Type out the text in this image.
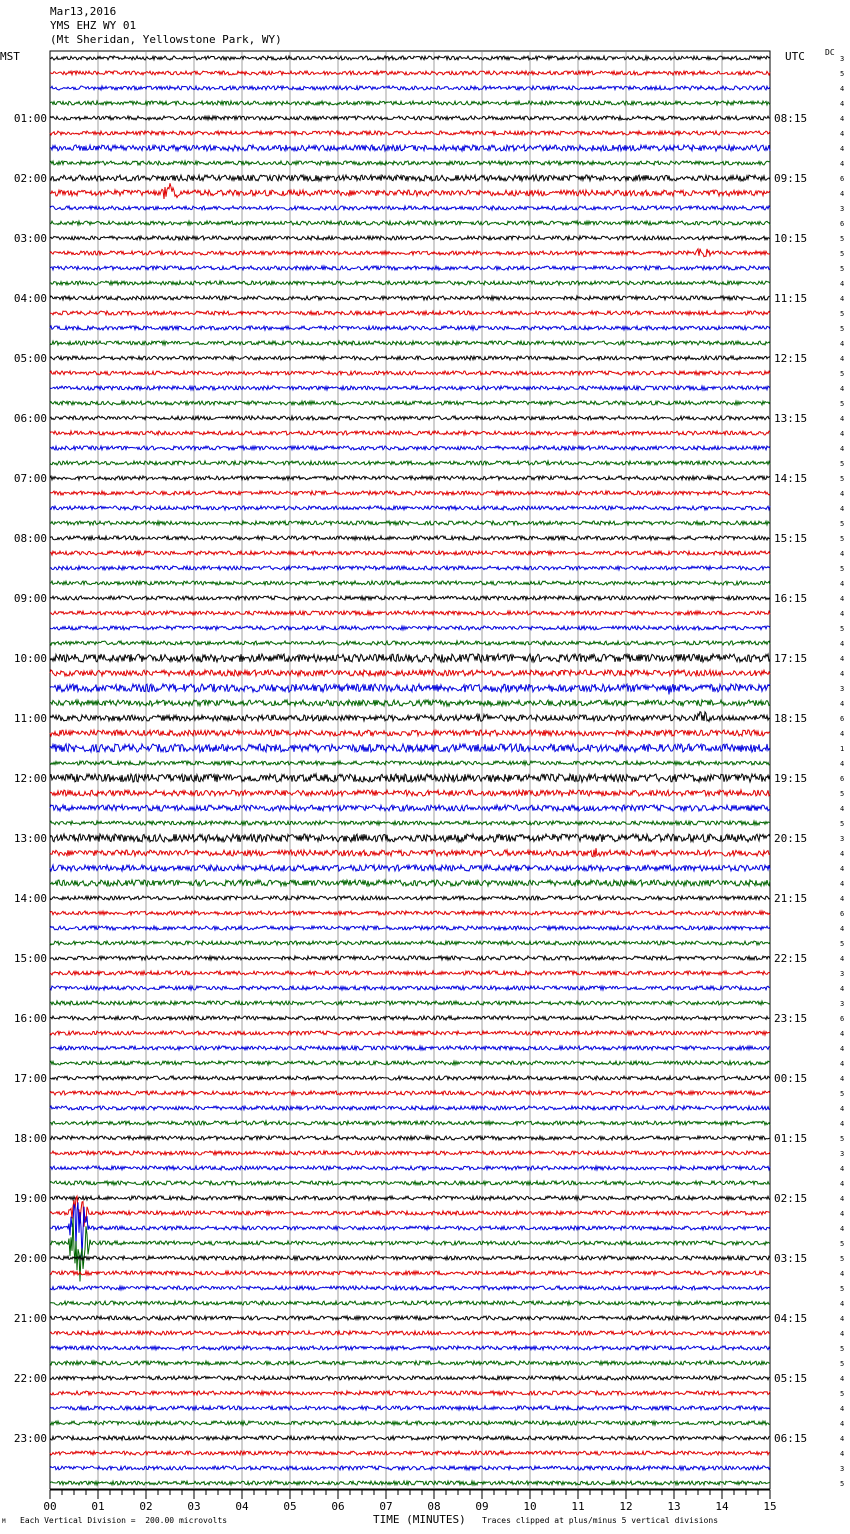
Mar13,2016
YMS EHZ WY 01
(Mt Sheridan, Yellowstone Park, WY)
MST	UTC	DC
3
5
4
4
4
4
4
4
6
4
3
6
5
5
5
4
4
5
5
4
4
5
4
5
4
4
4
5
5
4
4
5
5
4
5
4
4
4
5
4
4
4
3
4
6
4
1
4
6
5
4
5
3
4
4
4
4
6
4
5
4
3
4
3
6
4
4
4
4
5
4
4
5
3
4
4
4
4
4
5
5
4
5
4
4
4
5
5
4
5
4
4
4
4
3
5
01:00	08:15
02:00	09:15
03:00	10:15
04:00	11:15
05:00	12:15
06:00	13:15
07:00	14:15
08:00	15:15
09:00	16:15
10:00	17:15
11:00	18:15
12:00	19:15
13:00	20:15
14:00	21:15
15:00	22:15
16:00	23:15
17:00	00:15
18:00	01:15
19:00	02:15
20:00	03:15
21:00	04:15
22:00	05:15
23:00	06:15
00	01	02	03	04	05	06	07	08	09	10	11	12	13	14	15
M Each Vertical Division =  200.00 microvolts	TIME (MINUTES) Traces clipped at plus/minus 5 vertical divisions
